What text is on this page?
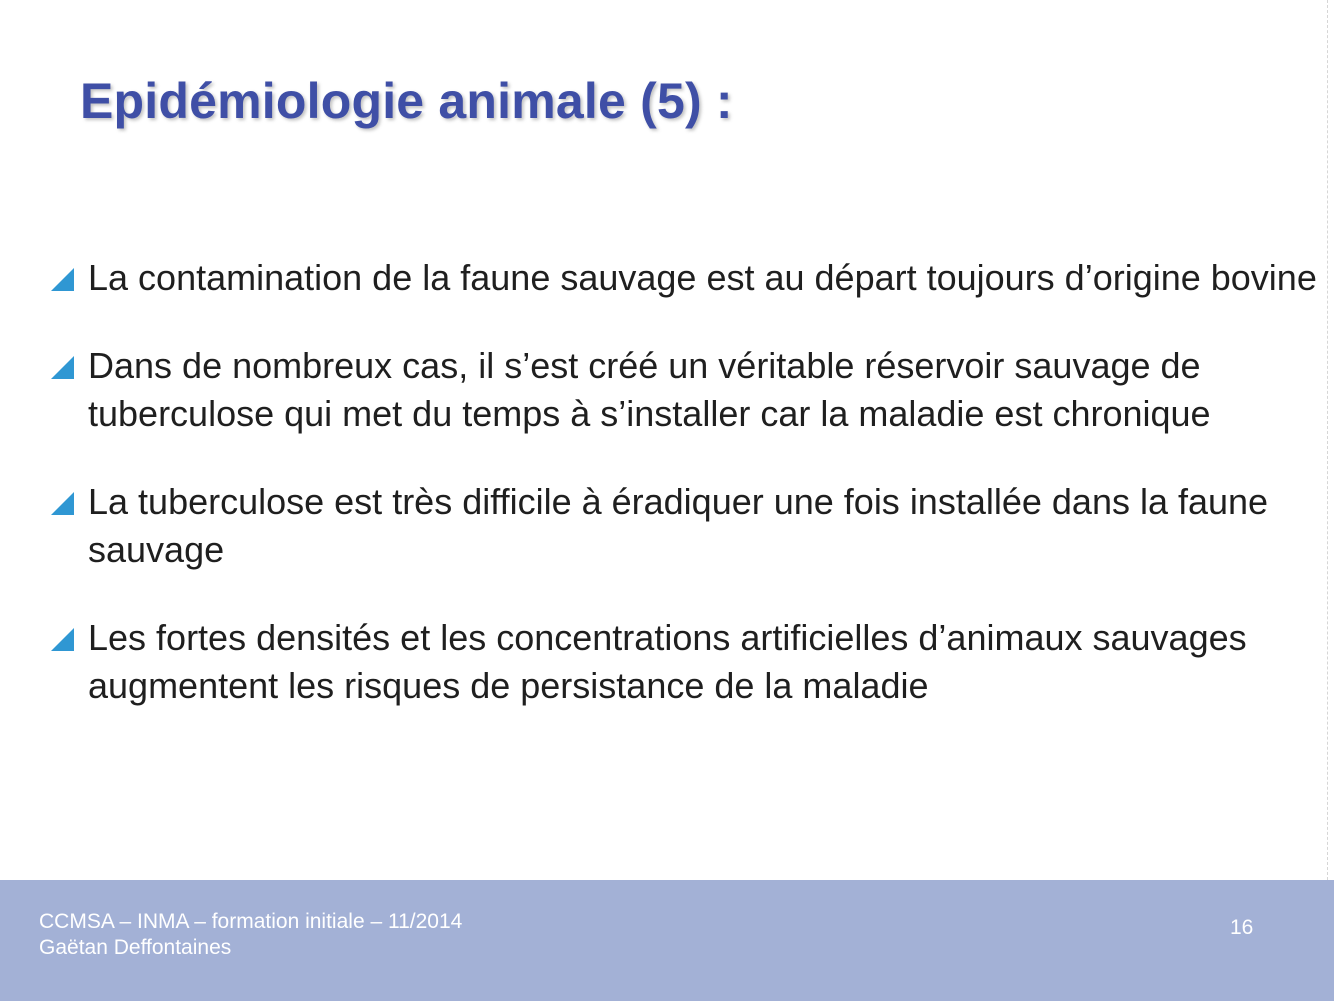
Epidémiologie animale (5) :
La contamination de la faune sauvage est au départ toujours d’origine bovine
Dans de nombreux cas, il s’est créé un véritable réservoir sauvage de tuberculose qui met du temps à s’installer car la maladie est chronique
La tuberculose est très difficile à éradiquer une fois installée dans la faune sauvage
Les fortes densités et les concentrations artificielles d’animaux sauvages augmentent les risques de persistance de la maladie
CCMSA – INMA – formation initiale – 11/2014
Gaëtan Deffontaines
16
